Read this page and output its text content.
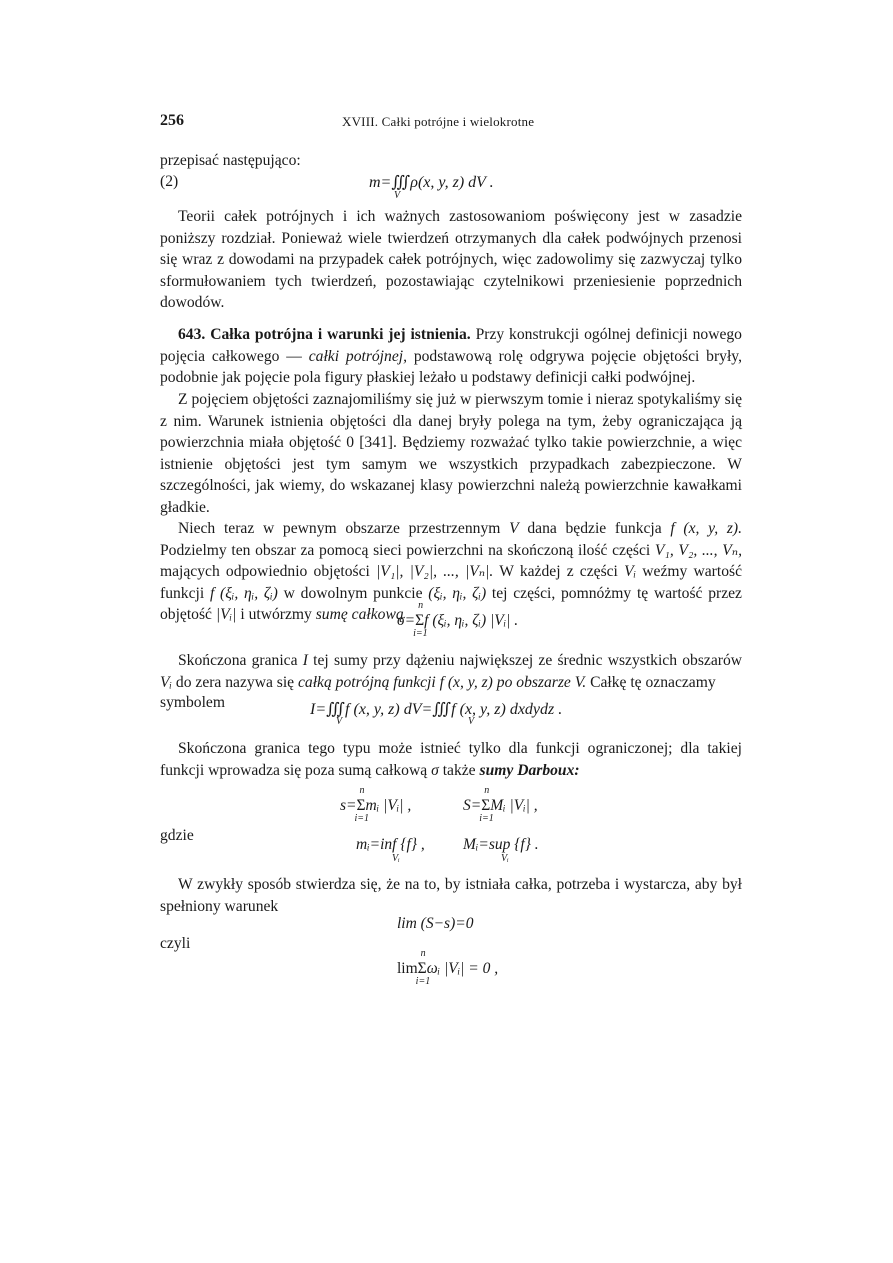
256	XVIII. Całki potrójne i wielokrotne
przepisać następująco:
(2)	m=∭ρ(x, y, z) dV .
V
Teorii całek potrójnych i ich ważnych zastosowaniom poświęcony jest w zasadzie poniższy rozdział. Ponieważ wiele twierdzeń otrzymanych dla całek podwójnych przenosi się wraz z dowodami na przypadek całek potrójnych, więc zadowolimy się zazwyczaj tylko sformułowaniem tych twierdzeń, pozostawiając czytelnikowi przeniesienie poprzednich dowodów.
643. Całka potrójna i warunki jej istnienia. Przy konstrukcji ogólnej definicji nowego pojęcia całkowego — całki potrójnej, podstawową rolę odgrywa pojęcie objętości bryły, podobnie jak pojęcie pola figury płaskiej leżało u podstawy definicji całki podwójnej.
Z pojęciem objętości zaznajomiliśmy się już w pierwszym tomie i nieraz spotykaliśmy się z nim. Warunek istnienia objętości dla danej bryły polega na tym, żeby ograniczająca ją powierzchnia miała objętość 0 [341]. Będziemy rozważać tylko takie powierzchnie, a więc istnienie objętości jest tym samym we wszystkich przypadkach zabezpieczone. W szczególności, jak wiemy, do wskazanej klasy powierzchni należą powierzchnie kawałkami gładkie.
Niech teraz w pewnym obszarze przestrzennym V dana będzie funkcja f (x, y, z). Podzielmy ten obszar za pomocą sieci powierzchni na skończoną ilość części V₁, V₂, ..., Vₙ, mających odpowiednio objętości |V₁|, |V₂|, ..., |Vₙ|. W każdej z części Vᵢ weźmy wartość funkcji f (ξᵢ, ηᵢ, ζᵢ) w dowolnym punkcie (ξᵢ, ηᵢ, ζᵢ) tej części, pomnóżmy tę wartość przez objętość |Vᵢ| i utwórzmy sumę całkową
σ=
n
Σ
i=1
f (ξᵢ, ηᵢ, ζᵢ) |Vᵢ| .
Skończona granica I tej sumy przy dążeniu największej ze średnic wszystkich obszarów Vᵢ do zera nazywa się całką potrójną funkcji f (x, y, z) po obszarze V. Całkę tę oznaczamy
symbolem	I=∭f (x, y, z) dV=∭f (x, y, z) dxdydz .
V	V
Skończona granica tego typu może istnieć tylko dla funkcji ograniczonej; dla takiej funkcji wprowadza się poza sumą całkową σ także sumy Darboux:
s=
n
Σ
i=1
mᵢ |Vᵢ| ,	S=
n
Σ
i=1
Mᵢ |Vᵢ| ,
gdzie
mᵢ=inf {f} ,
Vᵢ
Mᵢ=sup {f} .
Vᵢ
W zwykły sposób stwierdza się, że na to, by istniała całka, potrzeba i wystarcza, aby był spełniony warunek
lim (S−s)=0
czyli
lim
n
Σ
i=1
ωᵢ |Vᵢ| = 0 ,
